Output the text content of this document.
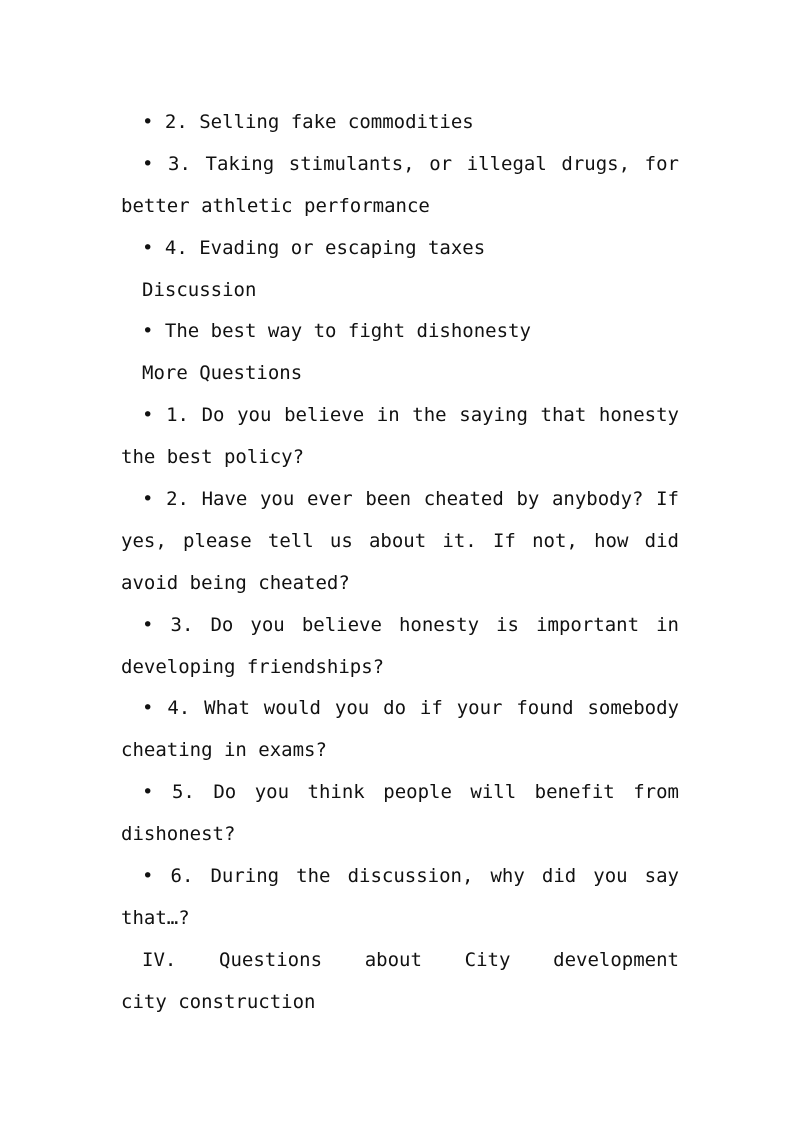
• 2. Selling fake commodities
• 3. Taking stimulants, or illegal drugs, for
better athletic performance
• 4. Evading or escaping taxes
Discussion
• The best way to fight dishonesty
More Questions
• 1. Do you believe in the saying that honesty
the best policy?
• 2. Have you ever been cheated by anybody? If
yes, please tell us about it. If not, how did
avoid being cheated?
• 3. Do you believe honesty is important in
developing friendships?
• 4. What would you do if your found somebody
cheating in exams?
• 5. Do you think people will benefit from
dishonest?
• 6. During the discussion, why did you say
that…?
IV. Questions about City development
city construction
